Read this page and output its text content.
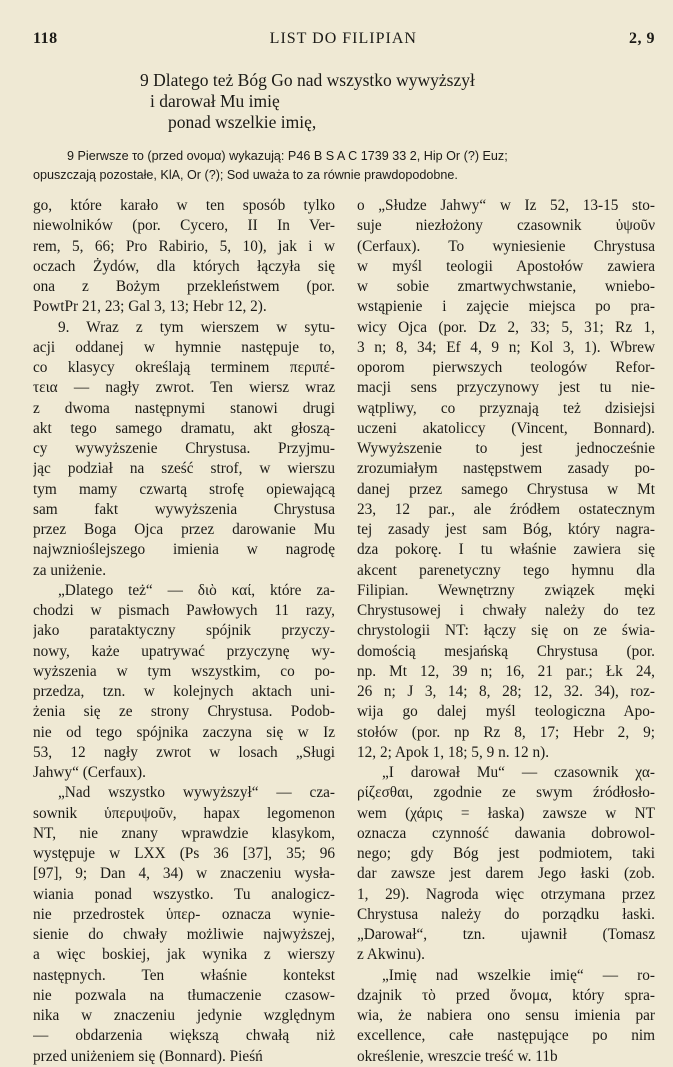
118	LIST DO FILIPIAN	2, 9
9 Dlatego też Bóg Go nad wszystko wywyższył
i darował Mu imię
ponad wszelkie imię,
9 Pierwsze το (przed ονομα) wykazują: P46 B S A C 1739 33 2, Hip Or (?) Euz;
opuszczają pozostałe, KlA, Or (?); Sod uważa to za równie prawdopodobne.
go, które karało w ten sposób tylko
niewolników (por. Cycero, II In Ver-
rem, 5, 66; Pro Rabirio, 5, 10), jak i w
oczach Żydów, dla których łączyła się
ona z Bożym przekleństwem (por.
PowtPr 21, 23; Gal 3, 13; Hebr 12, 2).
9. Wraz z tym wierszem w sytu-
acji oddanej w hymnie następuje to,
co klasycy określają terminem περιπέ-
τεια — nagły zwrot. Ten wiersz wraz
z dwoma następnymi stanowi drugi
akt tego samego dramatu, akt głoszą-
cy wywyższenie Chrystusa. Przyjmu-
jąc podział na sześć strof, w wierszu
tym mamy czwartą strofę opiewającą
sam fakt wywyższenia Chrystusa
przez Boga Ojca przez darowanie Mu
najwznioślejszego imienia w nagrodę
za uniżenie.
„Dlatego też“ — διὸ καί, które za-
chodzi w pismach Pawłowych 11 razy,
jako parataktyczny spójnik przyczy-
nowy, każe upatrywać przyczynę wy-
wyższenia w tym wszystkim, co po-
przedza, tzn. w kolejnych aktach uni-
żenia się ze strony Chrystusa. Podob-
nie od tego spójnika zaczyna się w Iz
53, 12 nagły zwrot w losach „Sługi
Jahwy“ (Cerfaux).
„Nad wszystko wywyższył“ — cza-
sownik ὑπερυψοῦν, hapax legomenon
NT, nie znany wprawdzie klasykom,
występuje w LXX (Ps 36 [37], 35; 96
[97], 9; Dan 4, 34) w znaczeniu wysła-
wiania ponad wszystko. Tu analogicz-
nie przedrostek ὑπερ- oznacza wynie-
sienie do chwały możliwie najwyższej,
a więc boskiej, jak wynika z wierszy
następnych. Ten właśnie kontekst
nie pozwala na tłumaczenie czasow-
nika w znaczeniu jedynie względnym
— obdarzenia większą chwałą niż
przed uniżeniem się (Bonnard). Pieśń
o „Słudze Jahwy“ w Iz 52, 13-15 sto-
suje niezłożony czasownik ὑψοῦν
(Cerfaux). To wyniesienie Chrystusa
w myśl teologii Apostołów zawiera
w sobie zmartwychwstanie, wniebo-
wstąpienie i zajęcie miejsca po pra-
wicy Ojca (por. Dz 2, 33; 5, 31; Rz 1,
3 n; 8, 34; Ef 4, 9 n; Kol 3, 1). Wbrew
oporom pierwszych teologów Refor-
macji sens przyczynowy jest tu nie-
wątpliwy, co przyznają też dzisiejsi
uczeni akatoliccy (Vincent, Bonnard).
Wywyższenie to jest jednocześnie
zrozumiałym następstwem zasady po-
danej przez samego Chrystusa w Mt
23, 12 par., ale źródłem ostatecznym
tej zasady jest sam Bóg, który nagra-
dza pokorę. I tu właśnie zawiera się
akcent parenetyczny tego hymnu dla
Filipian. Wewnętrzny związek męki
Chrystusowej i chwały należy do tez
chrystologii NT: łączy się on ze świa-
domością mesjańską Chrystusa (por.
np. Mt 12, 39 n; 16, 21 par.; Łk 24,
26 n; J 3, 14; 8, 28; 12, 32. 34), roz-
wija go dalej myśl teologiczna Apo-
stołów (por. np Rz 8, 17; Hebr 2, 9;
12, 2; Apok 1, 18; 5, 9 n. 12 n).
„I darował Mu“ — czasownik χα-
ρίζεσθαι, zgodnie ze swym źródłosło-
wem (χάρις = łaska) zawsze w NT
oznacza czynność dawania dobrowol-
nego; gdy Bóg jest podmiotem, taki
dar zawsze jest darem Jego łaski (zob.
1, 29). Nagroda więc otrzymana przez
Chrystusa należy do porządku łaski.
„Darował“, tzn. ujawnił (Tomasz
z Akwinu).
„Imię nad wszelkie imię“ — ro-
dzajnik τὸ przed ὄνομα, który spra-
wia, że nabiera ono sensu imienia par
excellence, całe następujące po nim
określenie, wreszcie treść w. 11b
